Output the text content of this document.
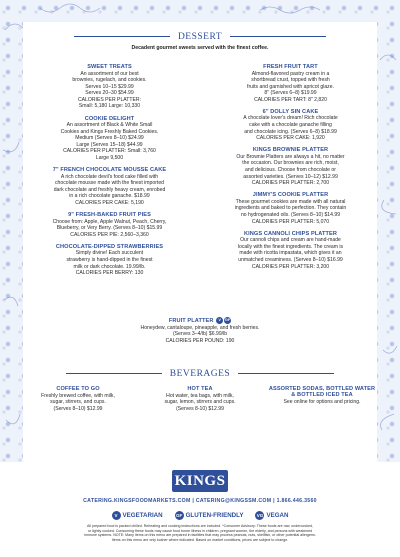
DESSERT
Decadent gourmet sweets served with the finest coffee.
SWEET TREATS

An assortment of our best

brownies, rugelach, and cookies.

Serves 10–15 $29.99

Serves 20–30 $54.99

CALORIES PER PLATTER:

Small: 5,180 Large: 10,330

COOKIE DELIGHT

An assortment of Black & White Small

Cookies and Kings Freshly Baked Cookies.

Medium (Serves 8–10) $24.99

Large (Serves 15–18) $44.99

CALORIES PER PLATTER: Small: 3,760

Large 9,500

7" FRENCH CHOCOLATE MOUSSE CAKE

A rich chocolate devil's food cake filled with

chocolate mousse made with the finest imported

dark chocolate and freshly heavy cream, enrobed

in a rich chocolate ganache. $18.99

CALORIES PER CAKE: 5,190

9" FRESH-BAKED FRUIT PIES

Choose from: Apple, Apple Walnut, Peach, Cherry,

Blueberry, or Very Berry. (Serves 8–10) $15.99

CALORIES PER PIE: 2,560–3,360

CHOCOLATE-DIPPED STRAWBERRIES

Simply divine! Each succulent

strawberry is hand-dipped in the finest

milk or dark chocolate. 19.99/lb.

CALORIES PER BERRY: 130

FRESH FRUIT TART

Almond-flavored pastry cream in a

shortbread crust, topped with fresh

fruits and garnished with apricot glaze.

8" (Serves 6–8) $19.99

CALORIES PER TART: 8" 2,820

6" DOLLY SIN CAKE

A chocolate lover's dream! Rich chocolate

cake with a chocolate ganache filling

and chocolate icing. (Serves 6–8) $18.99

CALORIES PER CAKE: 1,920

KINGS BROWNIE PLATTER

Our Brownie Platters are always a hit, no matter

the occasion. Our brownies are rich, moist,

and delicious. Choose from chocolate or

assorted varieties. (Serves 10–12) $12.99

CALORIES PER PLATTER: 2,700

JIMMY'S COOKIE PLATTER

These gourmet cookies are made with all natural

ingredients and baked to perfection. They contain

no hydrogenated oils. (Serves 8–10) $14.99

CALORIES PER PLATTER: 5,070

KINGS CANNOLI CHIPS PLATTER

Our cannoli chips and cream are hand-made

locally with the finest ingredients. The cream is

made with ricotta impastata, which gives it an

unmatched creaminess. (Serves 8–10) $16.99

CALORIES PER PLATTER: 3,200

FRUIT PLATTER V GF

Honeydew, cantaloupe, pineapple, and fresh berries.

(Serves 3–4/lb) $6.99/lb

CALORIES PER POUND: 190

BEVERAGES
COFFEE TO GO

Freshly brewed coffee, with milk,

sugar, stirrers, and cups.

(Serves 8–10) $12.99

HOT TEA

Hot water, tea bags, with milk,

sugar, lemon, stirrers and cups.

(Serves 8-10) $12.99

ASSORTED SODAS, BOTTLED WATER & BOTTLED ICED TEA

See online for options and pricing.

KINGS
CATERING.KINGSFOODMARKETS.COM | CATERING@KINGSSM.COM | 1.866.446.3560
V VEGETARIAN	GF GLUTEN-FRIENDLY	VG VEGAN
All prepared food is packed chilled. Reheating and cooking instructions are included. *Consumer Advisory: These foods are raw, undercooked,
or lightly cooked. Consuming these foods may cause food borne illness in children, pregnant women, the elderly, and persons with weakened
immune systems. NOTE: Many items on this menu are prepared in facilities that may process peanuts, nuts, shellfish, or other potential allergens.
Items on this menu are only kosher where indicated. Based on market conditions, prices are subject to change.
